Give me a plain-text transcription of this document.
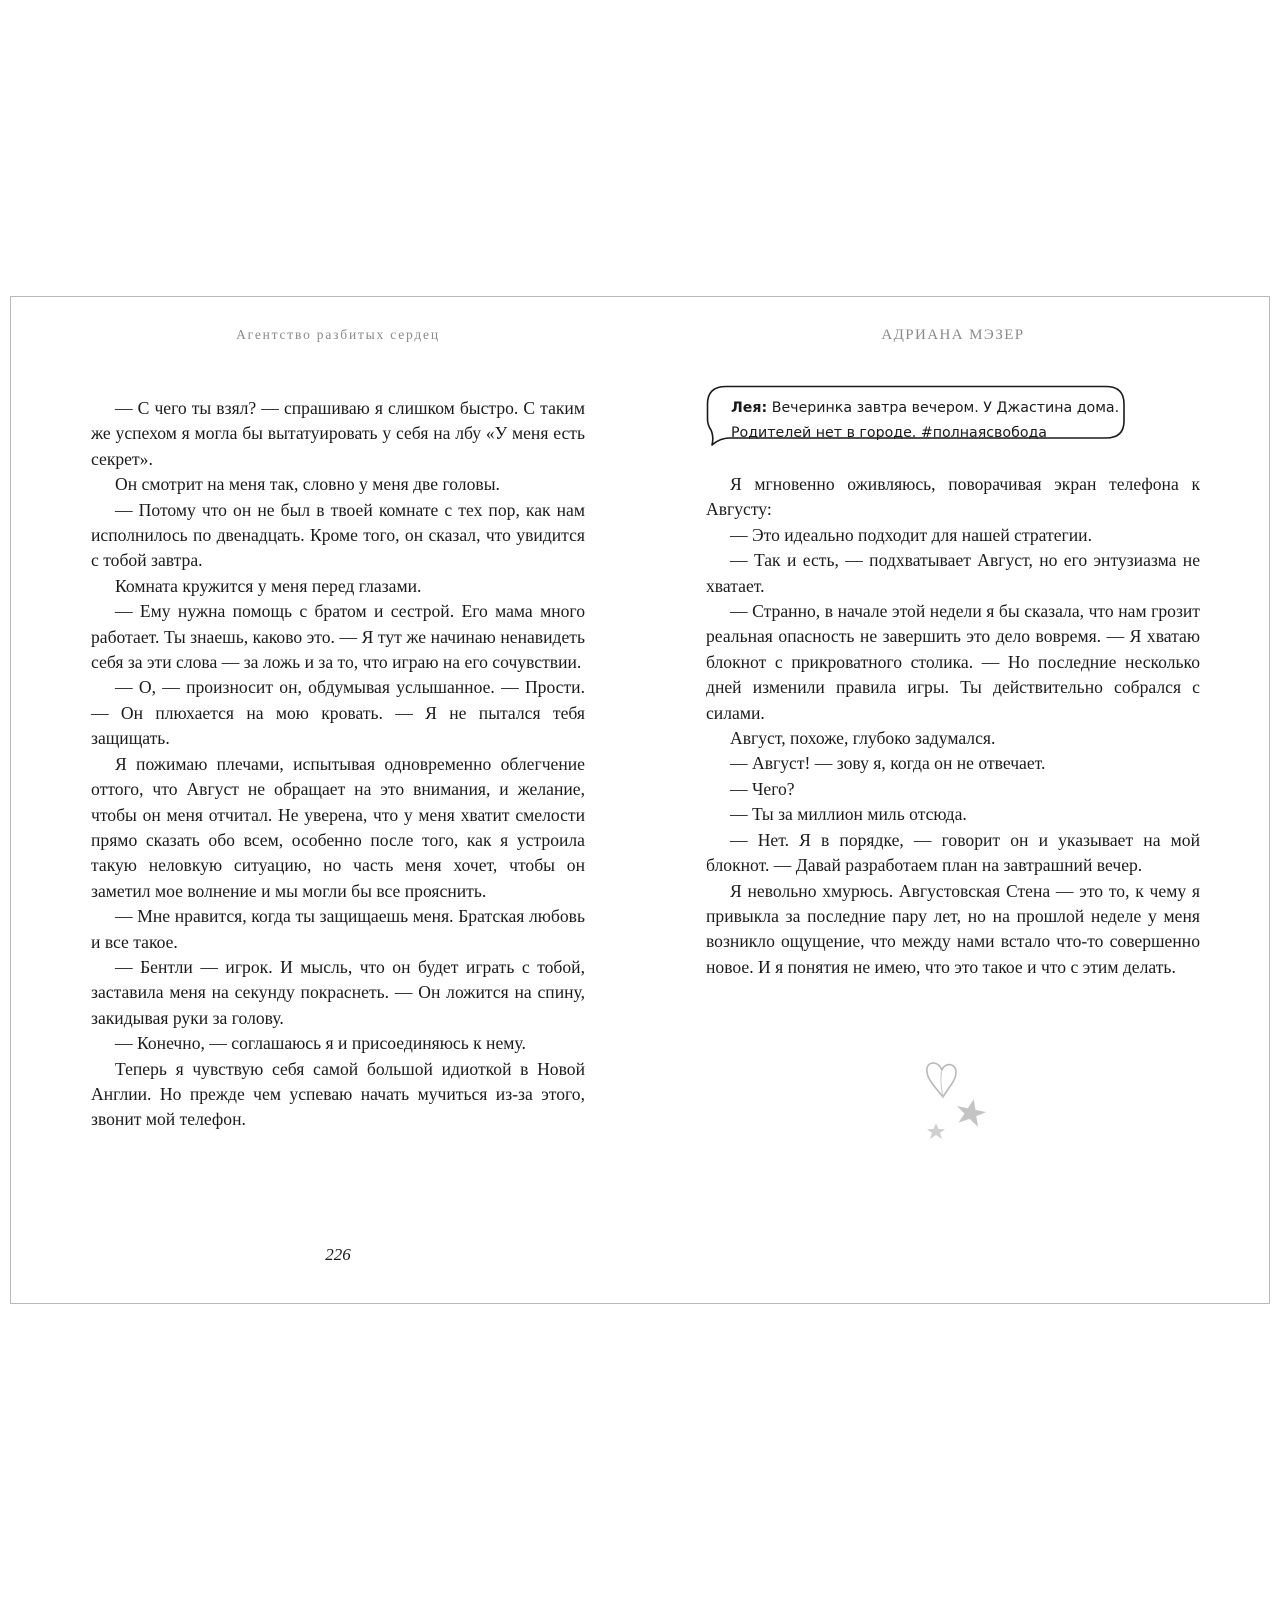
Агентство разбитых сердец

— С чего ты взял? — спрашиваю я слишком быстро. С таким же успехом я могла бы вытатуировать у себя на лбу «У меня есть секрет».

Он смотрит на меня так, словно у меня две головы.

— Потому что он не был в твоей комнате с тех пор, как нам исполнилось по двенадцать. Кроме того, он сказал, что увидится с тобой завтра.

Комната кружится у меня перед глазами.

— Ему нужна помощь с братом и сестрой. Его мама много работает. Ты знаешь, каково это. — Я тут же начинаю ненавидеть себя за эти слова — за ложь и за то, что играю на его сочувствии.

— О, — произносит он, обдумывая услышанное. — Прости. — Он плюхается на мою кровать. — Я не пытался тебя защищать.

Я пожимаю плечами, испытывая одновременно облегчение оттого, что Август не обращает на это внимания, и желание, чтобы он меня отчитал. Не уверена, что у меня хватит смелости прямо сказать обо всем, особенно после того, как я устроила такую неловкую ситуацию, но часть меня хочет, чтобы он заметил мое волнение и мы могли бы все прояснить.

— Мне нравится, когда ты защищаешь меня. Братская любовь и все такое.

— Бентли — игрок. И мысль, что он будет играть с тобой, заставила меня на секунду покраснеть. — Он ложится на спину, закидывая руки за голову.

— Конечно, — соглашаюсь я и присоединяюсь к нему.

Теперь я чувствую себя самой большой идиоткой в Новой Англии. Но прежде чем успеваю начать мучиться из-за этого, звонит мой телефон.

226
АДРИАНА МЭЗЕР
Лея: Вечеринка завтра вечером. У Джастина дома.
Родителей нет в городе. #полнаясвобода

Я мгновенно оживляюсь, поворачивая экран телефона к Августу:

— Это идеально подходит для нашей стратегии.

— Так и есть, — подхватывает Август, но его энтузиазма не хватает.

— Странно, в начале этой недели я бы сказала, что нам грозит реальная опасность не завершить это дело вовремя. — Я хватаю блокнот с прикроватного столика. — Но последние несколько дней изменили правила игры. Ты действительно собрался с силами.

Август, похоже, глубоко задумался.

— Август! — зову я, когда он не отвечает.

— Чего?

— Ты за миллион миль отсюда.

— Нет. Я в порядке, — говорит он и указывает на мой блокнот. — Давай разработаем план на завтрашний вечер.

Я невольно хмурюсь. Августовская Стена — это то, к чему я привыкла за последние пару лет, но на прошлой неделе у меня возникло ощущение, что между нами встало что-то совершенно новое. И я понятия не имею, что это такое и что с этим делать.
